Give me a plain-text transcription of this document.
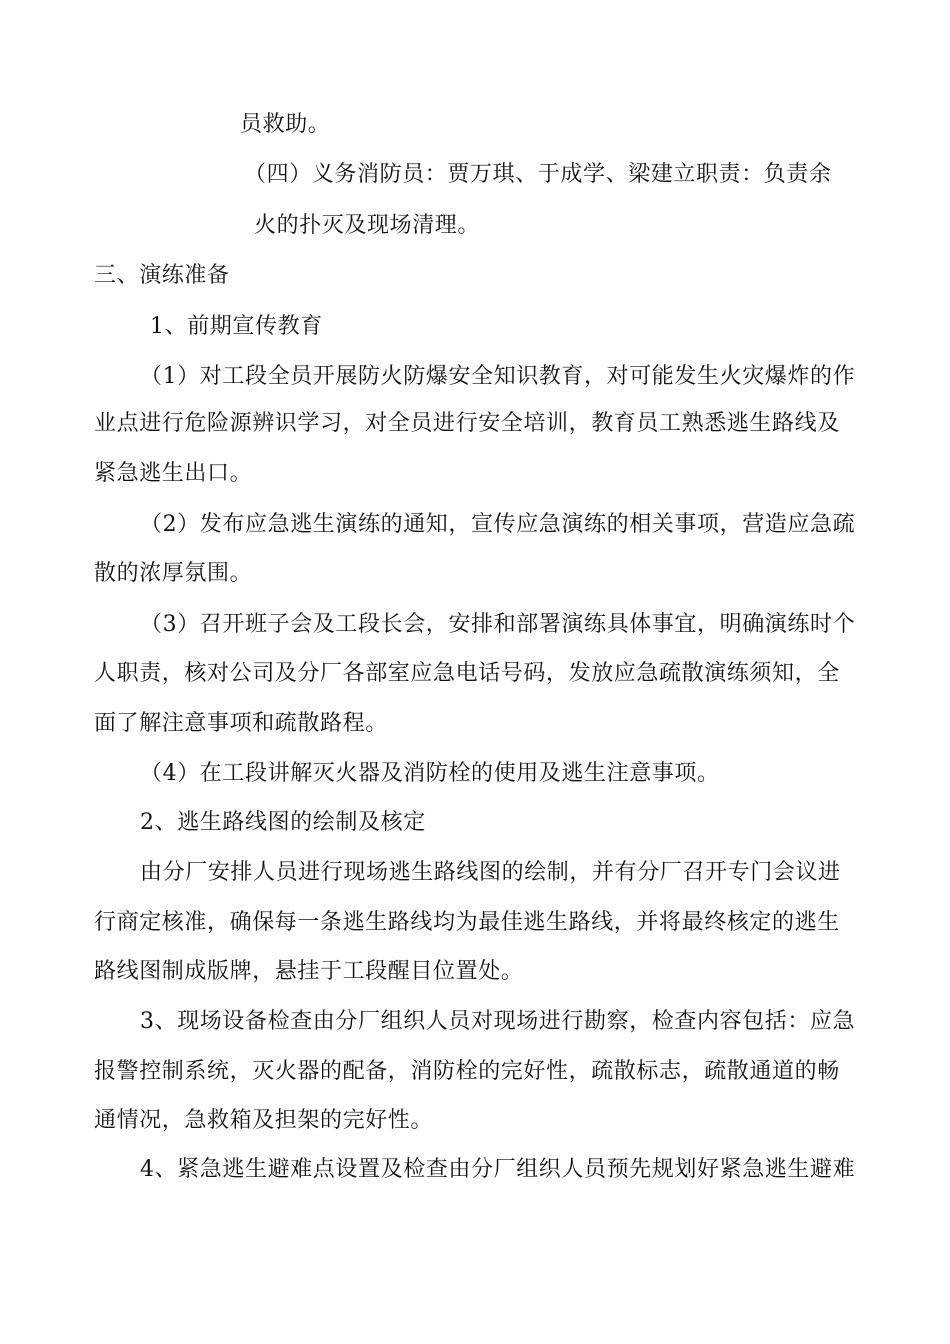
员救助。
（四）义务消防员：贾万琪、于成学、梁建立职责：负责余
火的扑灭及现场清理。
三、演练准备
1、前期宣传教育
（1）对工段全员开展防火防爆安全知识教育，对可能发生火灾爆炸的作
业点进行危险源辨识学习，对全员进行安全培训，教育员工熟悉逃生路线及
紧急逃生出口。
（2）发布应急逃生演练的通知，宣传应急演练的相关事项，营造应急疏
散的浓厚氛围。
（3）召开班子会及工段长会，安排和部署演练具体事宜，明确演练时个
人职责，核对公司及分厂各部室应急电话号码，发放应急疏散演练须知，全
面了解注意事项和疏散路程。
（4）在工段讲解灭火器及消防栓的使用及逃生注意事项。
2、逃生路线图的绘制及核定
由分厂安排人员进行现场逃生路线图的绘制，并有分厂召开专门会议进
行商定核准，确保每一条逃生路线均为最佳逃生路线，并将最终核定的逃生
路线图制成版牌，悬挂于工段醒目位置处。
3、现场设备检查由分厂组织人员对现场进行勘察，检查内容包括：应急
报警控制系统，灭火器的配备，消防栓的完好性，疏散标志，疏散通道的畅
通情况，急救箱及担架的完好性。
4、紧急逃生避难点设置及检查由分厂组织人员预先规划好紧急逃生避难
